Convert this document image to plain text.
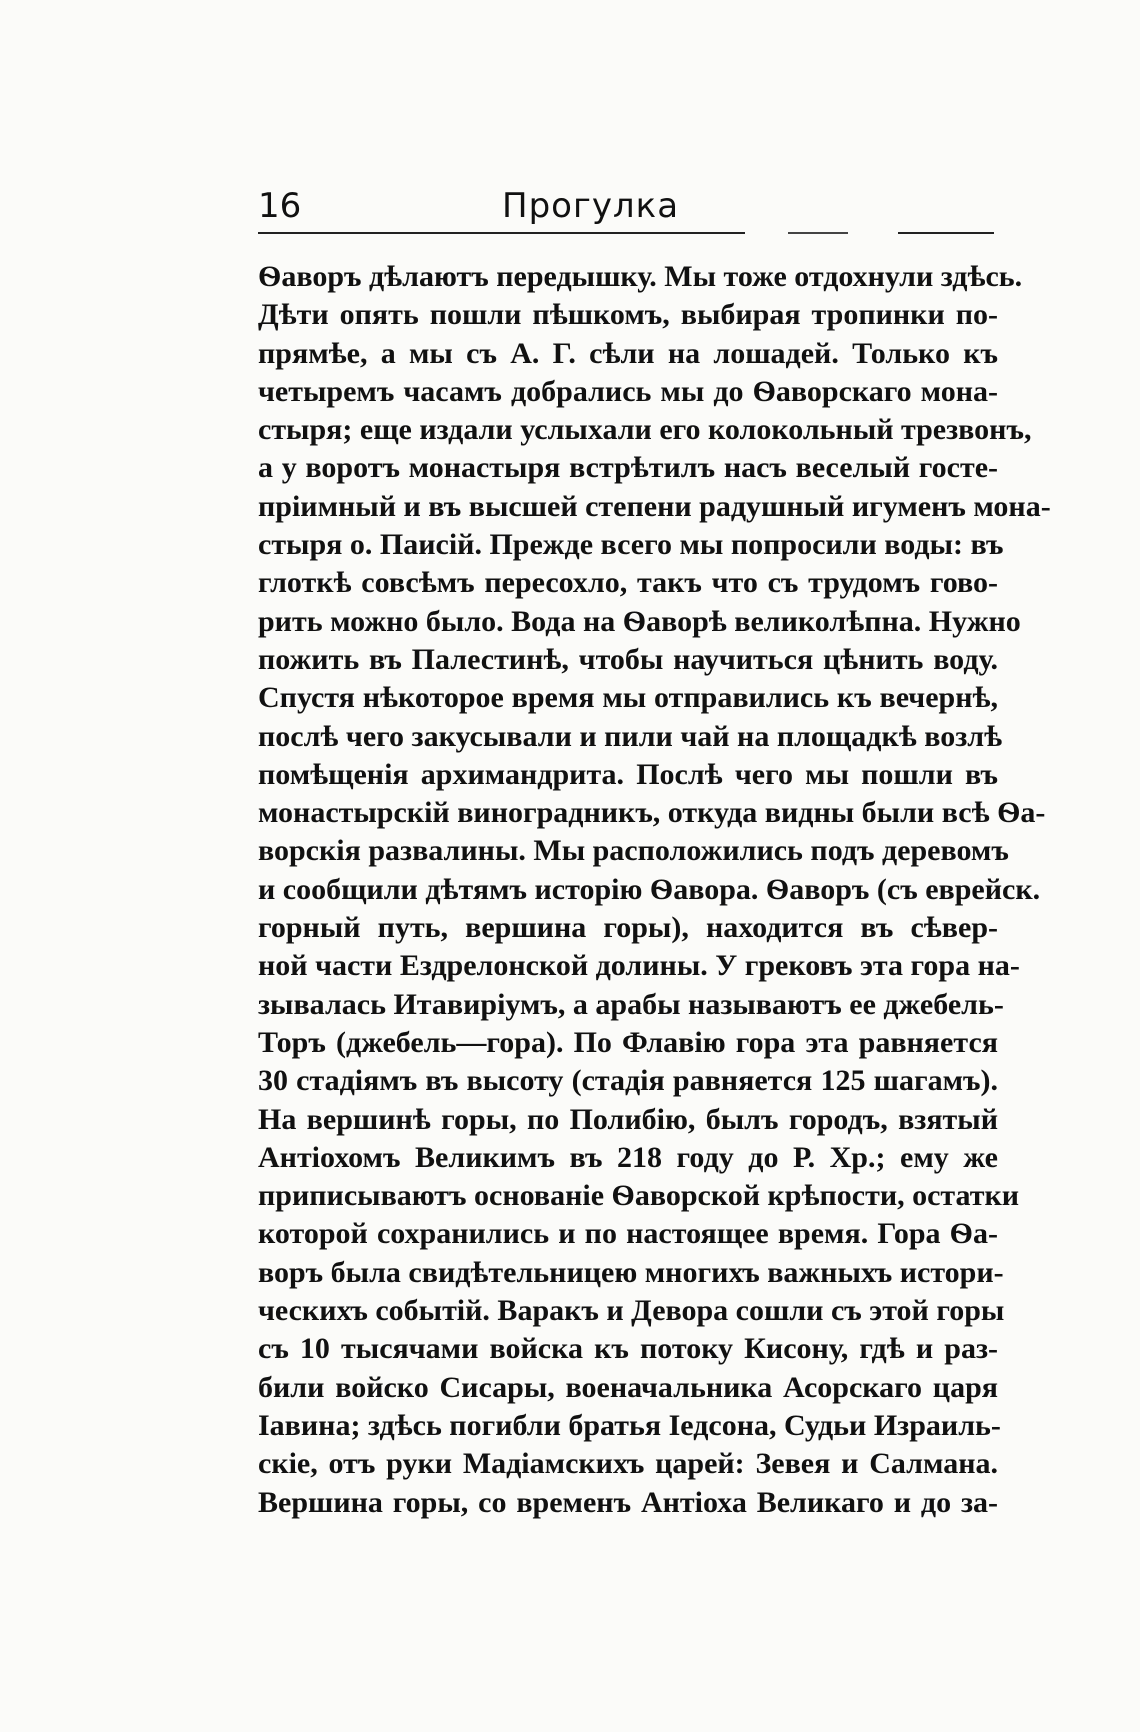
16	Прогулка
Ѳаворъ дѣлаютъ передышку. Мы тоже отдохнули здѣсь.
Дѣти опять пошли пѣшкомъ, выбирая тропинки по-
прямѣе, а мы съ А. Г. сѣли на лошадей. Только къ
четыремъ часамъ добрались мы до Ѳаворскаго мона-
стыря; еще издали услыхали его колокольный трезвонъ,
а у воротъ монастыря встрѣтилъ насъ веселый госте-
пріимный и въ высшей степени радушный игуменъ мона-
стыря о. Паисій. Прежде всего мы попросили воды: въ
глоткѣ совсѣмъ пересохло, такъ что съ трудомъ гово-
рить можно было. Вода на Ѳаворѣ великолѣпна. Нужно
пожить въ Палестинѣ, чтобы научиться цѣнить воду.
Спустя нѣкоторое время мы отправились къ вечернѣ,
послѣ чего закусывали и пили чай на площадкѣ возлѣ
помѣщенія архимандрита. Послѣ чего мы пошли въ
монастырскій виноградникъ, откуда видны были всѣ Ѳа-
ворскія развалины. Мы расположились подъ деревомъ
и сообщили дѣтямъ исторію Ѳавора. Ѳаворъ (съ еврейск.
горный путь, вершина горы), находится въ сѣвер-
ной части Ездрелонской долины. У грековъ эта гора на-
зывалась Итавиріумъ, а арабы называютъ ее джебель-
Торъ (джебель—гора). По Флавію гора эта равняется
30 стадіямъ въ высоту (стадія равняется 125 шагамъ).
На вершинѣ горы, по Полибію, былъ городъ, взятый
Антіохомъ Великимъ въ 218 году до Р. Хр.; ему же
приписываютъ основаніе Ѳаворской крѣпости, остатки
которой сохранились и по настоящее время. Гора Ѳа-
воръ была свидѣтельницею многихъ важныхъ истори-
ческихъ событій. Варакъ и Девора сошли съ этой горы
съ 10 тысячами войска къ потоку Кисону, гдѣ и раз-
били войско Сисары, военачальника Асорскаго царя
Іавина; здѣсь погибли братья Іедсона, Судьи Израиль-
скіе, отъ руки Мадіамскихъ царей: Зевея и Салмана.
Вершина горы, со временъ Антіоха Великаго и до за-
